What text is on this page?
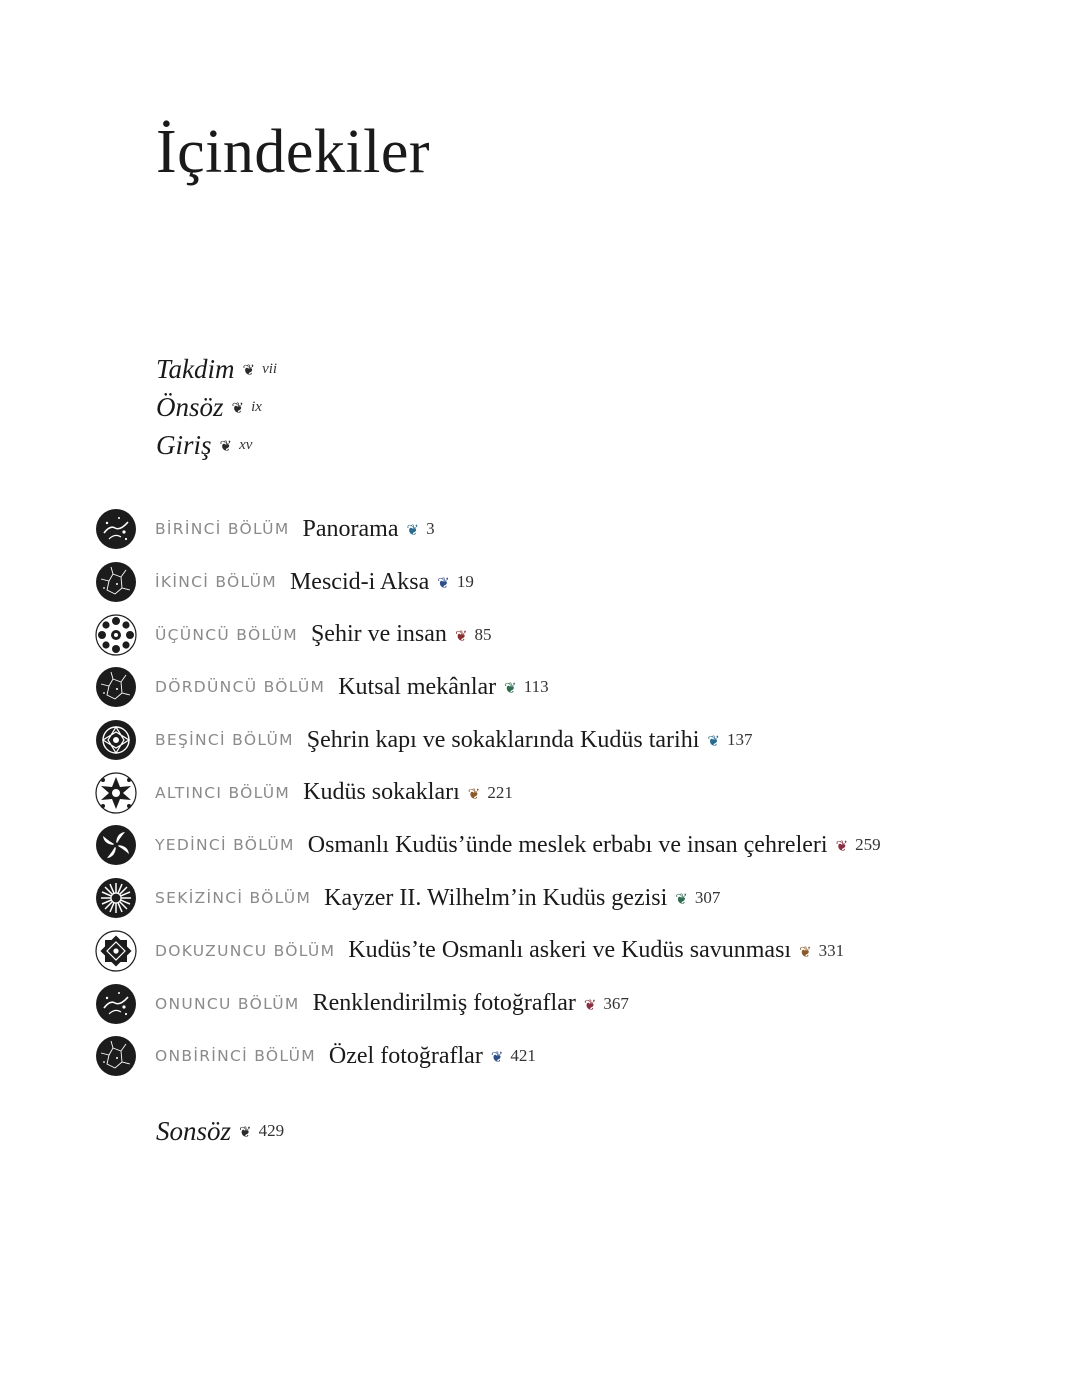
İçindekiler
Takdim ❦ vii
Önsöz ❦ ix
Giriş ❦ xv
BİRİNCİ BÖLÜM Panorama ❦ 3
İKİNCİ BÖLÜM Mescid-i Aksa ❦ 19
ÜÇÜNCÜ BÖLÜM Şehir ve insan ❦ 85
DÖRDÜNCÜ BÖLÜM Kutsal mekânlar ❦ 113
BEŞİNCİ BÖLÜM Şehrin kapı ve sokaklarında Kudüs tarihi ❦ 137
ALTINCI BÖLÜM Kudüs sokakları ❦ 221
YEDİNCİ BÖLÜM Osmanlı Kudüs’ünde meslek erbabı ve insan çehreleri ❦ 259
SEKİZİNCİ BÖLÜM Kayzer II. Wilhelm’in Kudüs gezisi ❦ 307
DOKUZUNCU BÖLÜM Kudüs’te Osmanlı askeri ve Kudüs savunması ❦ 331
ONUNCU BÖLÜM Renklendirilmiş fotoğraflar ❦ 367
ONBİRİNCİ BÖLÜM Özel fotoğraflar ❦ 421
Sonsöz ❦ 429
